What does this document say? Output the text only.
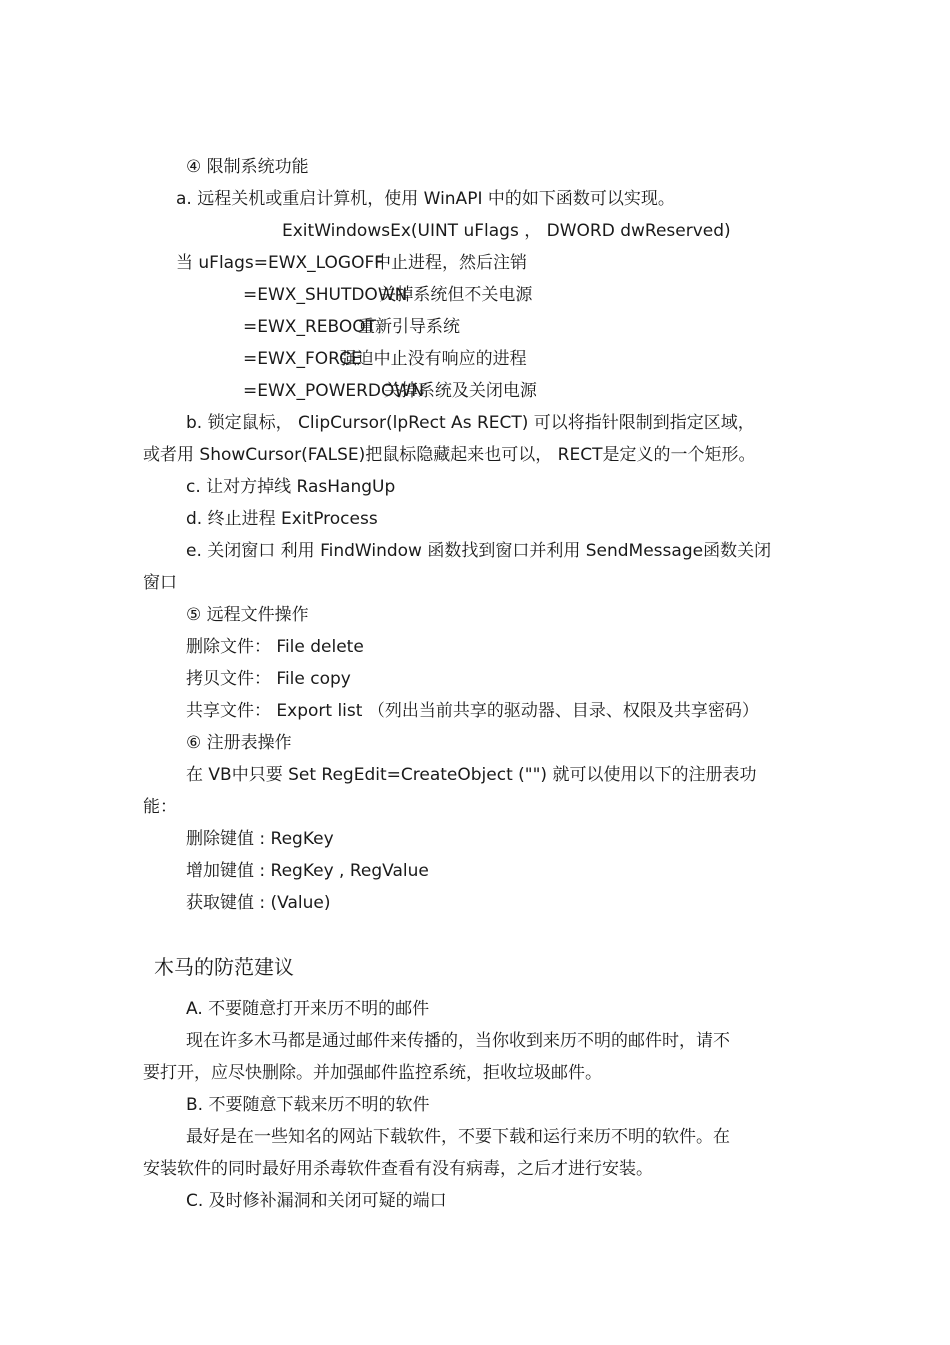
④ 限制系统功能
a. 远程关机或重启计算机，使用 WinAPI 中的如下函数可以实现。
ExitWindowsEx(UINT uFlags ， DWORD dwReserved)
当 uFlags=EWX_LOGOFF中止进程，然后注销
=EWX_SHUTDOWN关掉系统但不关电源
=EWX_REBOOT重新引导系统
=EWX_FORCE强迫中止没有响应的进程
=EWX_POWERDOWN关掉系统及关闭电源
b. 锁定鼠标， ClipCursor(lpRect As RECT) 可以将指针限制到指定区域，
或者用 ShowCursor(FALSE)把鼠标隐藏起来也可以， RECT是定义的一个矩形。
c. 让对方掉线 RasHangUp
d. 终止进程 ExitProcess
e. 关闭窗口 利用 FindWindow 函数找到窗口并利用 SendMessage函数关闭
窗口
⑤ 远程文件操作
删除文件： File delete
拷贝文件： File copy
共享文件： Export list （列出当前共享的驱动器、目录、权限及共享密码）
⑥ 注册表操作
在 VB中只要 Set RegEdit=CreateObject ("") 就可以使用以下的注册表功
能：
删除键值 : RegKey
增加键值 : RegKey , RegValue
获取键值 : (Value)
木马的防范建议
A. 不要随意打开来历不明的邮件
现在许多木马都是通过邮件来传播的，当你收到来历不明的邮件时，请不
要打开，应尽快删除。并加强邮件监控系统，拒收垃圾邮件。
B. 不要随意下载来历不明的软件
最好是在一些知名的网站下载软件，不要下载和运行来历不明的软件。在
安装软件的同时最好用杀毒软件查看有没有病毒，之后才进行安装。
C. 及时修补漏洞和关闭可疑的端口
